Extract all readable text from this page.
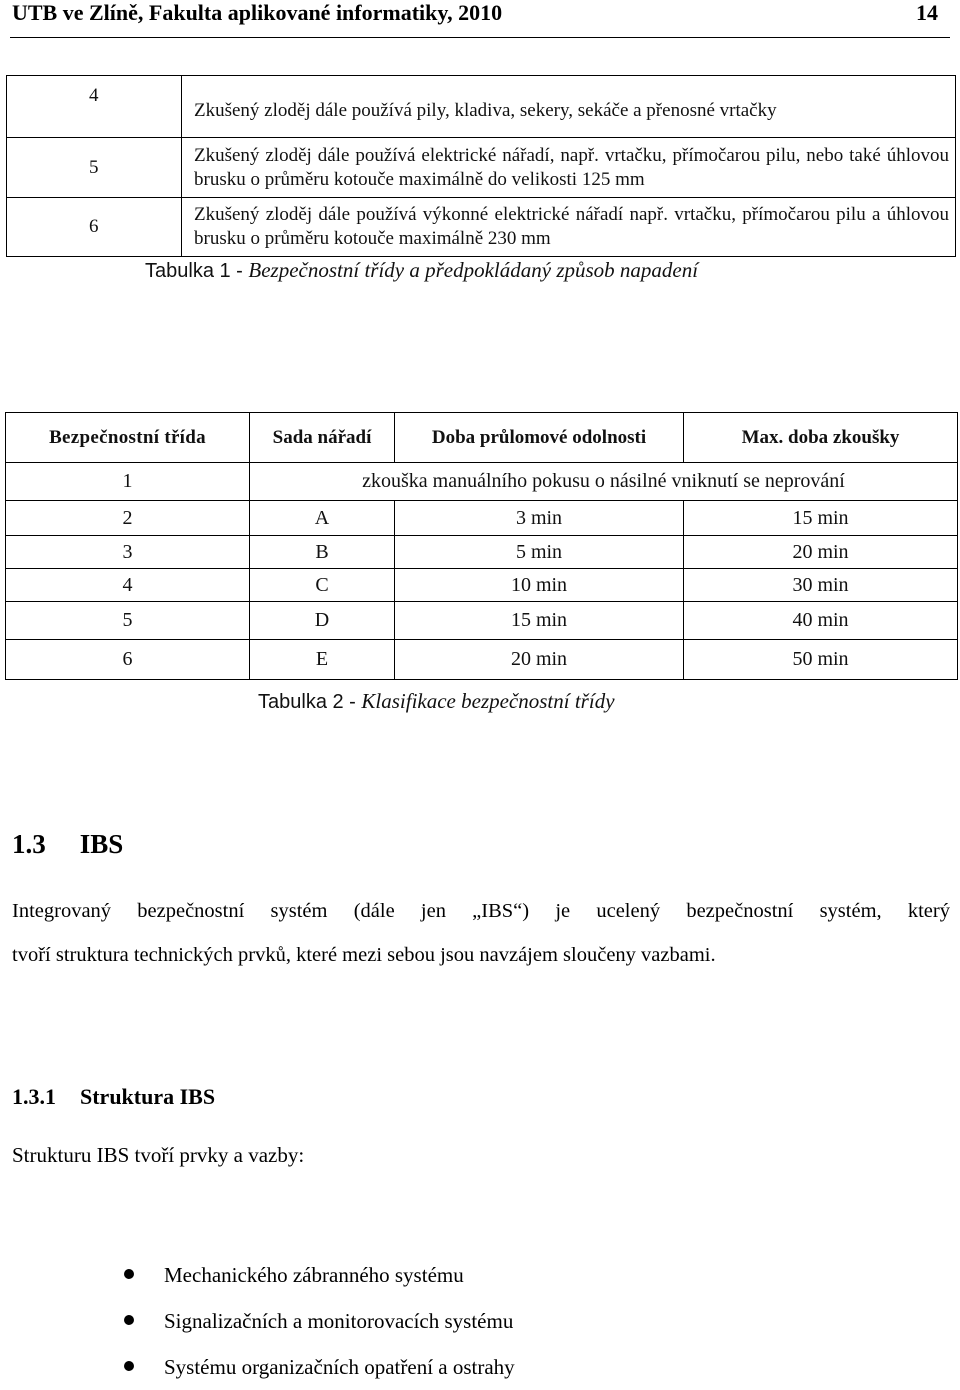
UTB ve Zlíně, Fakulta aplikované informatiky, 2010	14
4	Zkušený zloděj dále používá pily, kladiva, sekery, sekáče a přenosné vrtačky
5	Zkušený zloděj dále používá elektrické nářadí, např. vrtačku, přímočarou pilu, nebo také úhlovou brusku o průměru kotouče maximálně do velikosti 125 mm
6	Zkušený zloděj dále používá výkonné elektrické nářadí např. vrtačku, přímočarou pilu a úhlovou brusku o průměru kotouče maximálně 230 mm
Tabulka 1 - Bezpečnostní třídy a předpokládaný způsob napadení
Bezpečnostní třída	Sada nářadí	Doba průlomové odolnosti	Max. doba zkoušky
1	zkouška manuálního pokusu o násilné vniknutí se neprování		
2	A	3 min	15 min
3	B	5 min	20 min
4	C	10 min	30 min
5	D	15 min	40 min
6	E	20 min	50 min
Tabulka 2 - Klasifikace bezpečnostní třídy
1.3 IBS
Integrovaný bezpečnostní systém (dále jen „IBS“) je ucelený bezpečnostní systém, který
tvoří struktura technických prvků, které mezi sebou jsou navzájem sloučeny vazbami.
1.3.1 Struktura IBS
Strukturu IBS tvoří prvky a vazby:
Mechanického zábranného systému
Signalizačních a monitorovacích systému
Systému organizačních opatření a ostrahy
